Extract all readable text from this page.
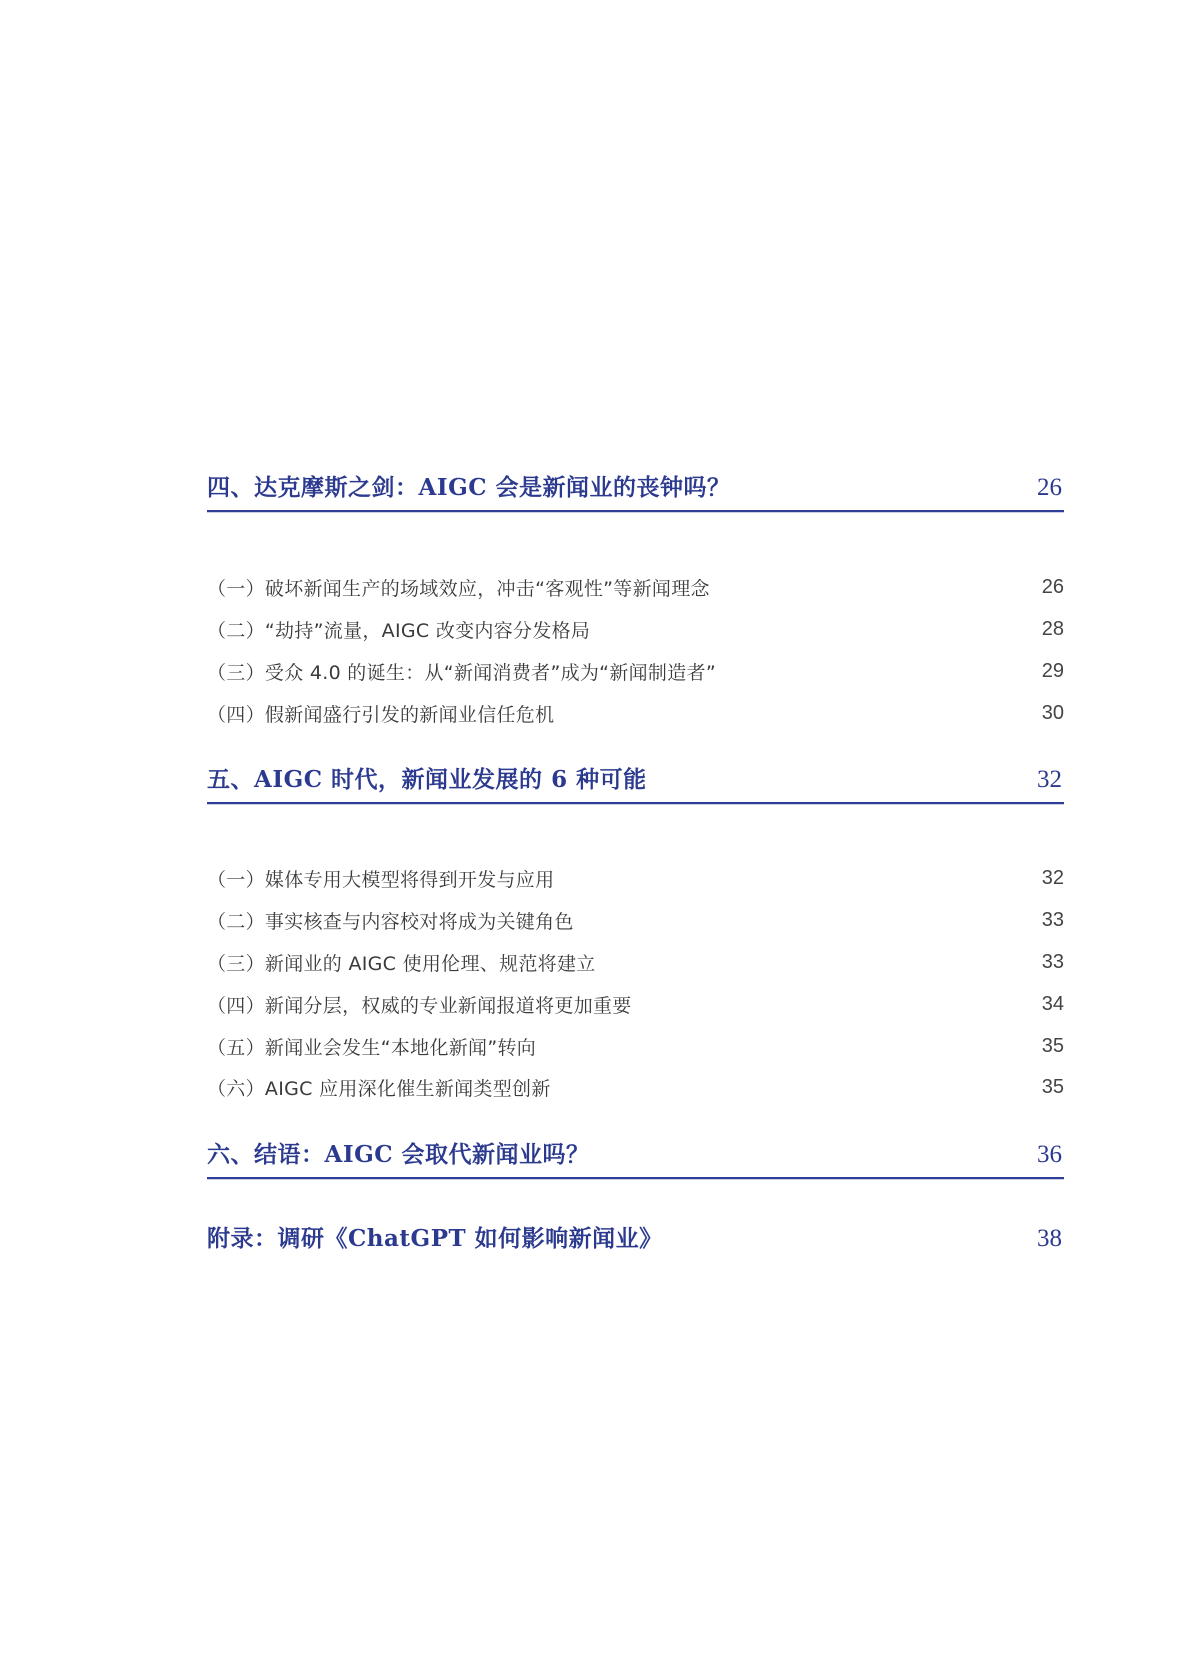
四、达克摩斯之剑：AIGC 会是新闻业的丧钟吗？	26
（一）破坏新闻生产的场域效应，冲击“客观性”等新闻理念	26
（二）“劫持”流量，AIGC 改变内容分发格局	28
（三）受众 4.0 的诞生：从“新闻消费者”成为“新闻制造者”	29
（四）假新闻盛行引发的新闻业信任危机	30
五、AIGC 时代，新闻业发展的 6 种可能	32
（一）媒体专用大模型将得到开发与应用	32
（二）事实核查与内容校对将成为关键角色	33
（三）新闻业的 AIGC 使用伦理、规范将建立	33
（四）新闻分层，权威的专业新闻报道将更加重要	34
（五）新闻业会发生“本地化新闻”转向	35
（六）AIGC 应用深化催生新闻类型创新	35
六、结语：AIGC 会取代新闻业吗？	36
附录：调研《ChatGPT 如何影响新闻业》	38
